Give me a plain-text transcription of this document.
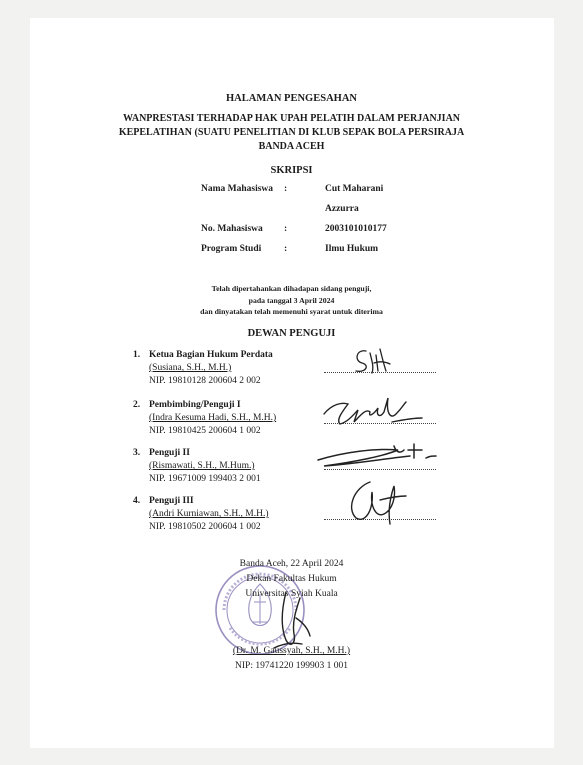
HALAMAN PENGESAHAN
WANPRESTASI TERHADAP HAK UPAH PELATIH DALAM PERJANJIAN
KEPELATIHAN (SUATU PENELITIAN DI KLUB SEPAK BOLA PERSIRAJA
BANDA ACEH
SKRIPSI
Nama Mahasiswa :	Cut Maharani
Azzurra
No. Mahasiswa :	2003101010177
Program Studi :	Ilmu Hukum
Telah dipertahankan dihadapan sidang penguji,
pada tanggal 3 April 2024
dan dinyatakan telah memenuhi syarat untuk diterima
DEWAN PENGUJI
1. Ketua Bagian Hukum Perdata
(Susiana, S.H., M.H.)
NIP. 19810128 200604 2 002
2. Pembimbing/Penguji I
(Indra Kesuma Hadi, S.H., M.H.)
NIP. 19810425 200604 1 002
3. Penguji II
(Rismawati, S.H., M.Hum.)
NIP. 19671009 199403 2 001
4. Penguji III
(Andri Kurniawan, S.H., M.H.)
NIP. 19810502 200604 1 002
Banda Aceh, 22 April 2024
Dekan Fakultas Hukum
Universitas Syiah Kuala
(Dr. M. Gaussyah, S.H., M.H.)
NIP: 19741220 199903 1 001
